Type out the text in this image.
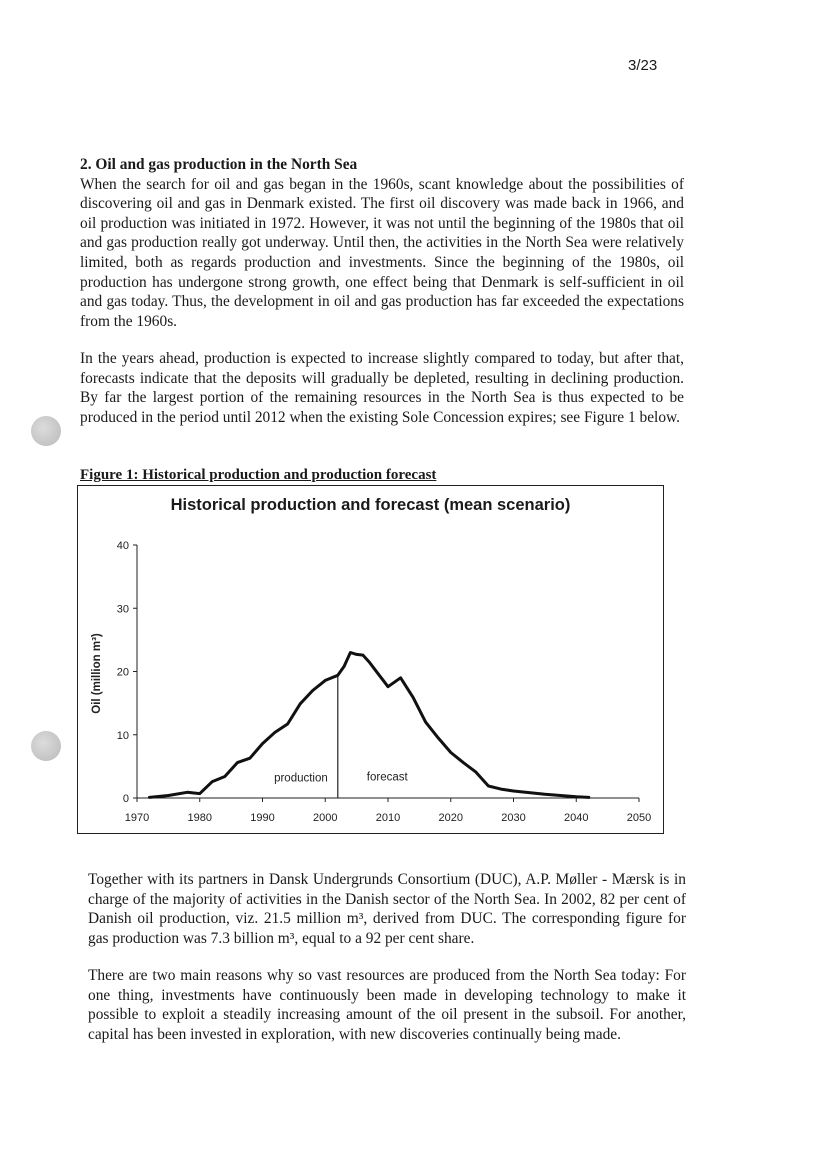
3/23
2. Oil and gas production in the North Sea

When the search for oil and gas began in the 1960s, scant knowledge about the possibilities of discovering oil and gas in Denmark existed. The first oil discovery was made back in 1966, and oil production was initiated in 1972. However, it was not until the beginning of the 1980s that oil and gas production really got underway. Until then, the activities in the North Sea were relatively limited, both as regards production and investments. Since the beginning of the 1980s, oil production has undergone strong growth, one effect being that Denmark is self-sufficient in oil and gas today. Thus, the development in oil and gas production has far exceeded the expectations from the 1960s.

In the years ahead, production is expected to increase slightly compared to today, but after that, forecasts indicate that the deposits will gradually be depleted, resulting in declining production. By far the largest portion of the remaining resources in the North Sea is thus expected to be produced in the period until 2012 when the existing Sole Concession expires; see Figure 1 below.

Figure 1: Historical production and production forecast
Historical production and forecast (mean scenario)
0
10
20
30
40
1970	1980	1990	2000	2010	2020	2030	2040	2050
Oil (million m³)
production	forecast

Together with its partners in Dansk Undergrunds Consortium (DUC), A.P. Møller - Mærsk is in charge of the majority of activities in the Danish sector of the North Sea. In 2002, 82 per cent of Danish oil production, viz. 21.5 million m³, derived from DUC. The corresponding figure for gas production was 7.3 billion m³, equal to a 92 per cent share.

There are two main reasons why so vast resources are produced from the North Sea today: For one thing, investments have continuously been made in developing technology to make it possible to exploit a steadily increasing amount of the oil present in the subsoil. For another, capital has been invested in exploration, with new discoveries continually being made.
